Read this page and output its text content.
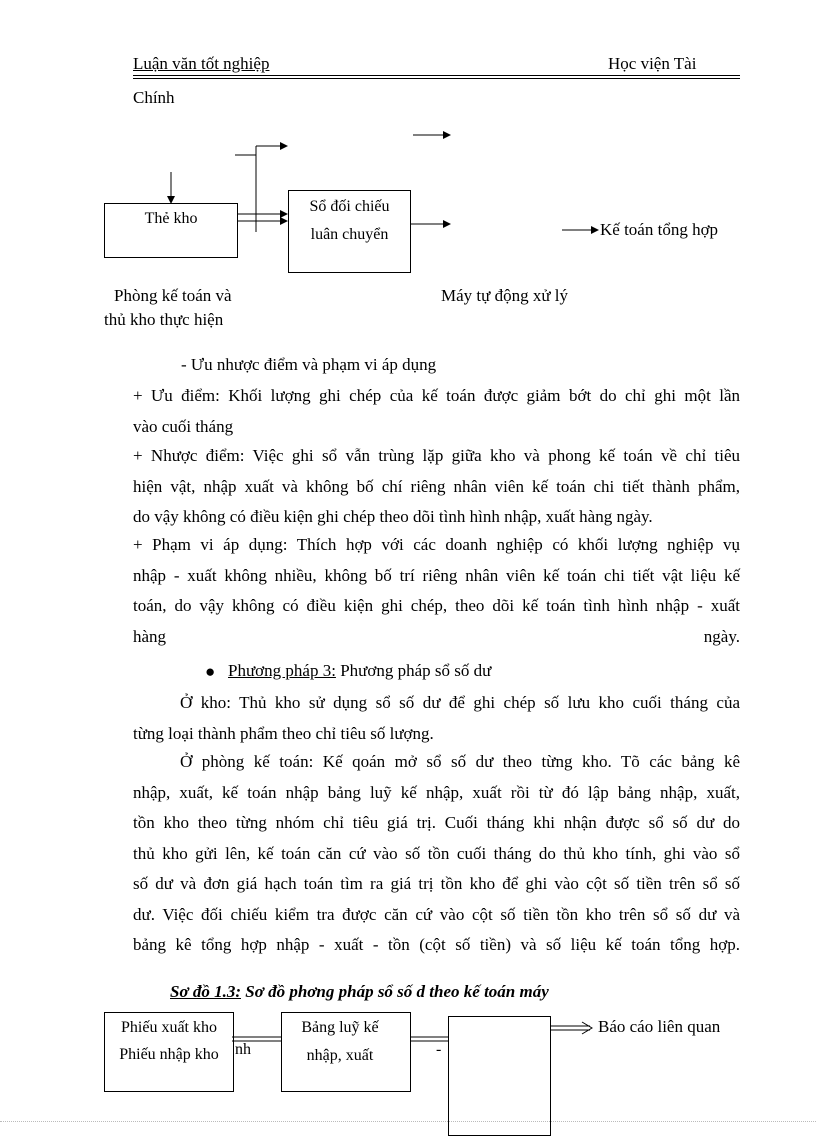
Luận văn tốt nghiệp	Học viện Tài
Chính
Thẻ kho
Sổ đối chiếu
luân chuyển	Kế toán tổng hợp
Phòng kế toán và
thủ kho thực hiện
Máy tự động xử lý
- Ưu nhược điểm và phạm vi áp dụng
+ Ưu điểm: Khối lượng ghi chép của kế toán được giảm bớt do chỉ ghi một lần
vào cuối tháng
+ Nhược điểm: Việc ghi sổ vẫn trùng lặp giữa kho và phong kế toán về chỉ tiêu
hiện vật, nhập xuất và không bố chí riêng nhân viên kế toán chi tiết thành phẩm,
do vậy không có điều kiện ghi chép theo dõi tình hình nhập, xuất hàng ngày.
+ Phạm vi áp dụng: Thích hợp với các doanh nghiệp có khối lượng nghiệp vụ
nhập - xuất không nhiều, không bố trí riêng nhân viên kế toán chi tiết vật liệu kế
toán, do vậy không có điều kiện ghi chép, theo dõi kế toán tình hình nhập - xuất
hàng	ngày.
● Phương pháp 3: Phương pháp sổ số dư
Ở kho: Thủ kho sử dụng sổ số dư để ghi chép số lưu kho cuối tháng của
từng loại thành phẩm theo chỉ tiêu số lượng.
Ở phòng kế toán: Kế qoán mở sổ số dư theo từng kho. Tõ các bảng kê
nhập, xuất, kế toán nhập bảng luỹ kế nhập, xuất rồi từ đó lập bảng nhập, xuất,
tồn kho theo từng nhóm chỉ tiêu giá trị. Cuối tháng khi nhận được sổ số dư do
thủ kho gửi lên, kế toán căn cứ vào số tồn cuối tháng do thủ kho tính, ghi vào sổ
số dư và đơn giá hạch toán tìm ra giá trị tồn kho để ghi vào cột số tiền trên sổ số
dư. Việc đối chiếu kiểm tra được căn cứ vào cột số tiền tồn kho trên sổ số dư và
bảng kê tổng hợp nhập - xuất - tồn (cột số tiền) và số liệu kế toán tổng hợp.
Sơ đồ 1.3: Sơ đồ phơng pháp sổ số d theo kế toán máy
Phiếu xuất kho
Phiếu nhập kho	nh
Bảng luỹ kế
nhập, xuất	-
Báo cáo liên quan
